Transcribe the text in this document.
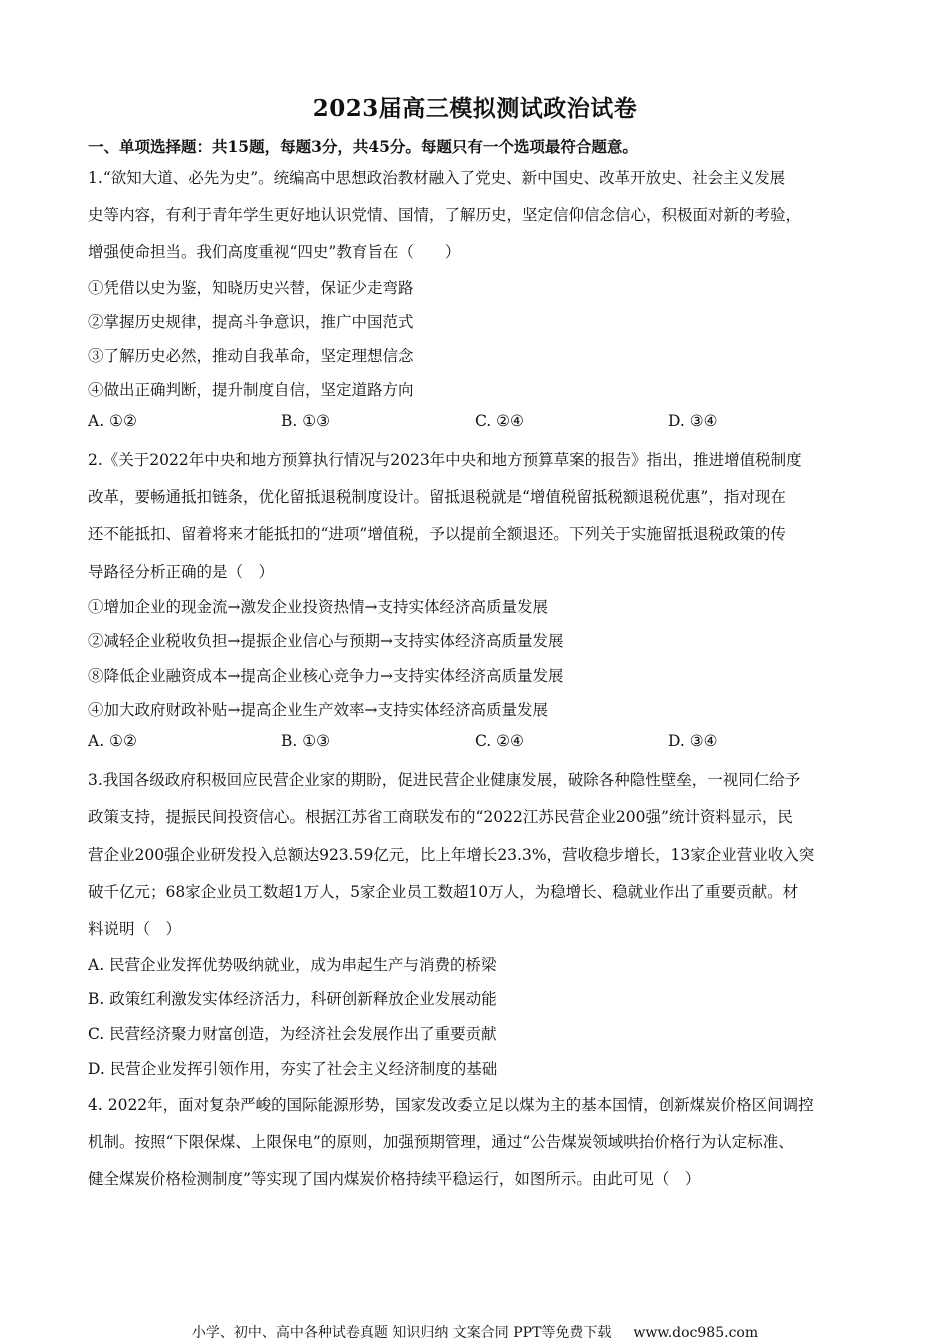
2023届高三模拟测试政治试卷
一、单项选择题：共15题，每题3分，共45分。每题只有一个选项最符合题意。
1.“欲知大道、必先为史”。统编高中思想政治教材融入了党史、新中国史、改革开放史、社会主义发展
史等内容，有利于青年学生更好地认识党情、国情，了解历史，坚定信仰信念信心，积极面对新的考验，
增强使命担当。我们高度重视“四史”教育旨在（　　）
①凭借以史为鉴，知晓历史兴替，保证少走弯路
②掌握历史规律，提高斗争意识，推广中国范式
③了解历史必然，推动自我革命，坚定理想信念
④做出正确判断，提升制度自信，坚定道路方向
A. ①②	B. ①③	C. ②④	D. ③④
2.《关于2022年中央和地方预算执行情况与2023年中央和地方预算草案的报告》指出，推进增值税制度
改革，要畅通抵扣链条，优化留抵退税制度设计。留抵退税就是“增值税留抵税额退税优惠”，指对现在
还不能抵扣、留着将来才能抵扣的“进项”增值税，予以提前全额退还。下列关于实施留抵退税政策的传
导路径分析正确的是（　）
①增加企业的现金流→激发企业投资热情→支持实体经济高质量发展
②减轻企业税收负担→提振企业信心与预期→支持实体经济高质量发展
⑧降低企业融资成本→提高企业核心竞争力→支持实体经济高质量发展
④加大政府财政补贴→提高企业生产效率→支持实体经济高质量发展
A. ①②	B. ①③	C. ②④	D. ③④
3.我国各级政府积极回应民营企业家的期盼，促进民营企业健康发展，破除各种隐性壁垒，一视同仁给予
政策支持，提振民间投资信心。根据江苏省工商联发布的“2022江苏民营企业200强”统计资料显示，民
营企业200强企业研发投入总额达923.59亿元，比上年增长23.3%，营收稳步增长，13家企业营业收入突
破千亿元；68家企业员工数超1万人，5家企业员工数超10万人，为稳增长、稳就业作出了重要贡献。材
料说明（　）
A. 民营企业发挥优势吸纳就业，成为串起生产与消费的桥梁
B. 政策红利激发实体经济活力，科研创新释放企业发展动能
C. 民营经济聚力财富创造，为经济社会发展作出了重要贡献
D. 民营企业发挥引领作用，夯实了社会主义经济制度的基础
4. 2022年，面对复杂严峻的国际能源形势，国家发改委立足以煤为主的基本国情，创新煤炭价格区间调控
机制。按照“下限保煤、上限保电”的原则，加强预期管理，通过“公告煤炭领域哄抬价格行为认定标准、
健全煤炭价格检测制度”等实现了国内煤炭价格持续平稳运行，如图所示。由此可见（　）
小学、初中、高中各种试卷真题 知识归纳 文案合同 PPT等免费下载 www.doc985.com
